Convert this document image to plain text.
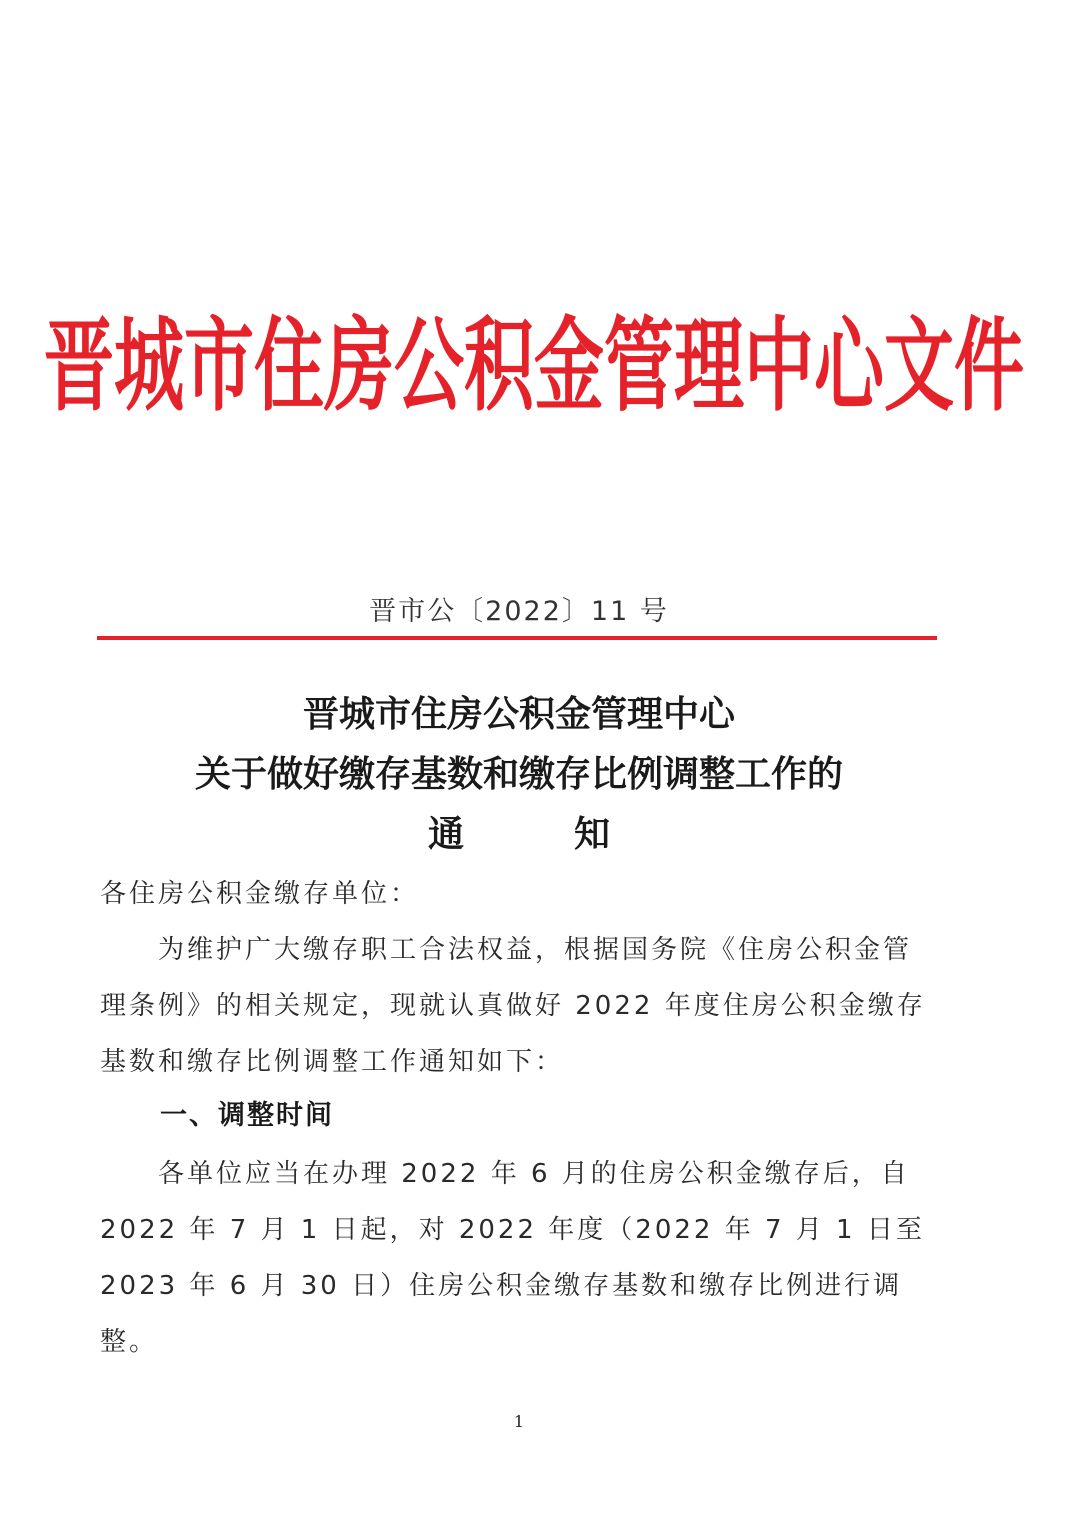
晋城市住房公积金管理中心文件
晋市公〔2022〕11 号
晋城市住房公积金管理中心
关于做好缴存基数和缴存比例调整工作的
通	知
各住房公积金缴存单位：
为维护广大缴存职工合法权益，根据国务院《住房公积金管理条例》的相关规定，现就认真做好 2022 年度住房公积金缴存基数和缴存比例调整工作通知如下：
一、调整时间
各单位应当在办理 2022 年 6 月的住房公积金缴存后，自 2022 年 7 月 1 日起，对 2022 年度（2022 年 7 月 1 日至 2023 年 6 月 30 日）住房公积金缴存基数和缴存比例进行调整。
1
